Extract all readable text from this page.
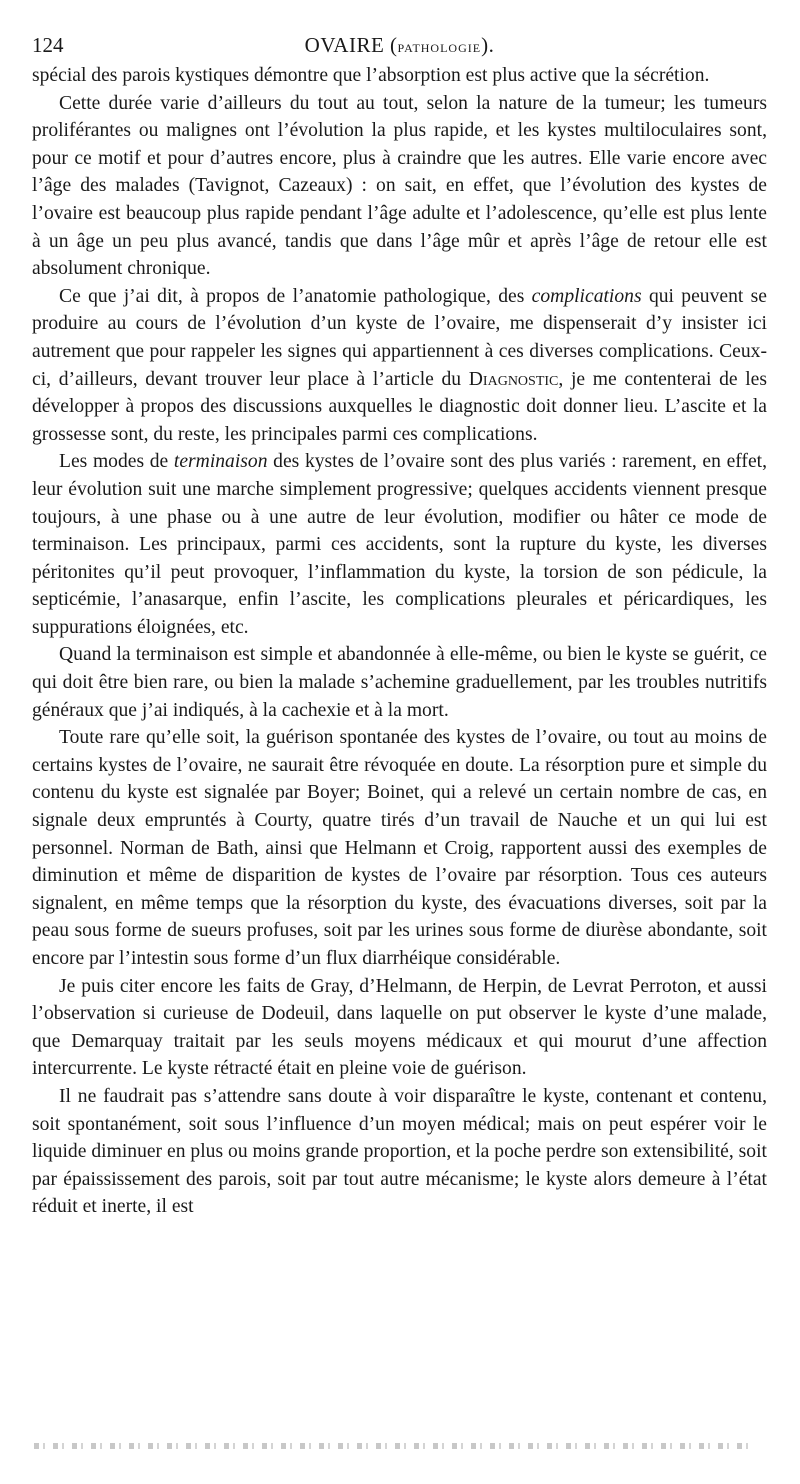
124	OVAIRE (pathologie).

spécial des parois kystiques démontre que l’absorption est plus active que la sécrétion.

Cette durée varie d’ailleurs du tout au tout, selon la nature de la tumeur; les tumeurs proliférantes ou malignes ont l’évolution la plus rapide, et les kystes multiloculaires sont, pour ce motif et pour d’autres encore, plus à craindre que les autres. Elle varie encore avec l’âge des malades (Tavignot, Cazeaux) : on sait, en effet, que l’évolution des kystes de l’ovaire est beaucoup plus rapide pendant l’âge adulte et l’adolescence, qu’elle est plus lente à un âge un peu plus avancé, tandis que dans l’âge mûr et après l’âge de retour elle est absolument chronique.

Ce que j’ai dit, à propos de l’anatomie pathologique, des complications qui peuvent se produire au cours de l’évolution d’un kyste de l’ovaire, me dispenserait d’y insister ici autrement que pour rappeler les signes qui appartiennent à ces diverses complications. Ceux-ci, d’ailleurs, devant trouver leur place à l’article du Diagnostic, je me contenterai de les développer à propos des discussions auxquelles le diagnostic doit donner lieu. L’ascite et la grossesse sont, du reste, les principales parmi ces complications.

Les modes de terminaison des kystes de l’ovaire sont des plus variés : rarement, en effet, leur évolution suit une marche simplement progressive; quelques accidents viennent presque toujours, à une phase ou à une autre de leur évolution, modifier ou hâter ce mode de terminaison. Les principaux, parmi ces accidents, sont la rupture du kyste, les diverses péritonites qu’il peut provoquer, l’inflammation du kyste, la torsion de son pédicule, la septicémie, l’anasarque, enfin l’ascite, les complications pleurales et péricardiques, les suppurations éloignées, etc.

Quand la terminaison est simple et abandonnée à elle-même, ou bien le kyste se guérit, ce qui doit être bien rare, ou bien la malade s’achemine graduellement, par les troubles nutritifs généraux que j’ai indiqués, à la cachexie et à la mort.

Toute rare qu’elle soit, la guérison spontanée des kystes de l’ovaire, ou tout au moins de certains kystes de l’ovaire, ne saurait être révoquée en doute. La résorption pure et simple du contenu du kyste est signalée par Boyer; Boinet, qui a relevé un certain nombre de cas, en signale deux empruntés à Courty, quatre tirés d’un travail de Nauche et un qui lui est personnel. Norman de Bath, ainsi que Helmann et Croig, rapportent aussi des exemples de diminution et même de disparition de kystes de l’ovaire par résorption. Tous ces auteurs signalent, en même temps que la résorption du kyste, des évacuations diverses, soit par la peau sous forme de sueurs profuses, soit par les urines sous forme de diurèse abondante, soit encore par l’intestin sous forme d’un flux diarrhéique considérable.

Je puis citer encore les faits de Gray, d’Helmann, de Herpin, de Levrat Perroton, et aussi l’observation si curieuse de Dodeuil, dans laquelle on put observer le kyste d’une malade, que Demarquay traitait par les seuls moyens médicaux et qui mourut d’une affection intercurrente. Le kyste rétracté était en pleine voie de guérison.

Il ne faudrait pas s’attendre sans doute à voir disparaître le kyste, contenant et contenu, soit spontanément, soit sous l’influence d’un moyen médical; mais on peut espérer voir le liquide diminuer en plus ou moins grande proportion, et la poche perdre son extensibilité, soit par épaississement des parois, soit par tout autre mécanisme; le kyste alors demeure à l’état réduit et inerte, il est
